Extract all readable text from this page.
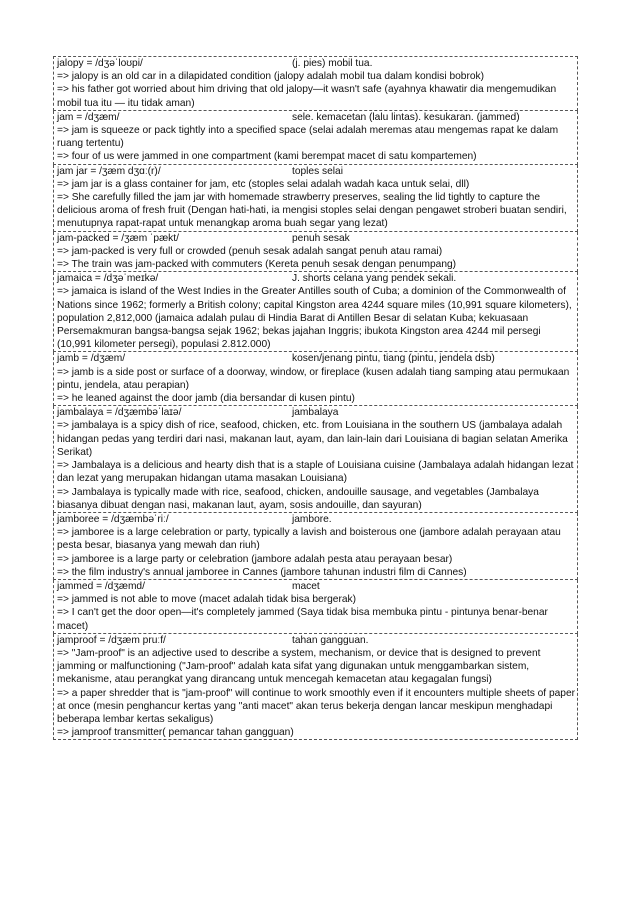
jalopy = /dʒəˈloʊpi/	(j. pies) mobil tua.
=> jalopy is an old car in a dilapidated condition (jalopy adalah mobil tua dalam kondisi bobrok)
=> his father got worried about him driving that old jalopy—it wasn't safe (ayahnya khawatir dia mengemudikan mobil tua itu — itu tidak aman)
jam = /dʒæm/	sele. kemacetan (lalu lintas). kesukaran. (jammed)
=> jam is squeeze or pack tightly into a specified space (selai adalah meremas atau mengemas rapat ke dalam ruang tertentu)
=> four of us were jammed in one compartment (kami berempat macet di satu kompartemen)
jam jar = /ʒæm dʒɑː(r)/	toples selai
=> jam jar is a glass container for jam, etc (stoples selai adalah wadah kaca untuk selai, dll)
=> She carefully filled the jam jar with homemade strawberry preserves, sealing the lid tightly to capture the delicious aroma of fresh fruit (Dengan hati-hati, ia mengisi stoples selai dengan pengawet stroberi buatan sendiri, menutupnya rapat-rapat untuk menangkap aroma buah segar yang lezat)
jam-packed = /ʒæm ˈpækt/	penuh sesak
=> jam-packed is very full or crowded (penuh sesak adalah sangat penuh atau ramai)
=> The train was jam-packed with commuters (Kereta penuh sesak dengan penumpang)
jamaica = /dʒəˈmeɪkə/	J. shorts celana yang pendek sekali.
=> jamaica is island of the West Indies in the Greater Antilles south of Cuba; a dominion of the Commonwealth of Nations since 1962; formerly a British colony; capital Kingston area 4244 square miles (10,991 square kilometers), population 2,812,000 (jamaica adalah pulau di Hindia Barat di Antillen Besar di selatan Kuba; kekuasaan Persemakmuran bangsa-bangsa sejak 1962; bekas jajahan Inggris; ibukota Kingston area 4244 mil persegi (10,991 kilometer persegi), populasi 2.812.000)
jamb = /dʒæm/	kosen/jenang pintu, tiang (pintu, jendela dsb)
=> jamb is a side post or surface of a doorway, window, or fireplace (kusen adalah tiang samping atau permukaan pintu, jendela, atau perapian)
=> he leaned against the door jamb (dia bersandar di kusen pintu)
jambalaya = /dʒæmbəˈlaɪə/	jambalaya
=> jambalaya is a spicy dish of rice, seafood, chicken, etc. from Louisiana in the southern US (jambalaya adalah hidangan pedas yang terdiri dari nasi, makanan laut, ayam, dan lain-lain dari Louisiana di bagian selatan Amerika Serikat)
=> Jambalaya is a delicious and hearty dish that is a staple of Louisiana cuisine (Jambalaya adalah hidangan lezat dan lezat yang merupakan hidangan utama masakan Louisiana)
=> Jambalaya is typically made with rice, seafood, chicken, andouille sausage, and vegetables (Jambalaya biasanya dibuat dengan nasi, makanan laut, ayam, sosis andouille, dan sayuran)
jamboree = /dʒæmbəˈriː/	jambore.
=> jamboree is a large celebration or party, typically a lavish and boisterous one (jambore adalah perayaan atau pesta besar, biasanya yang mewah dan riuh)
=> jamboree is a large party or celebration (jambore adalah pesta atau perayaan besar)
=> the film industry's annual jamboree in Cannes (jambore tahunan industri film di Cannes)
jammed = /dʒæmd/	macet
=> jammed is not able to move (macet adalah tidak bisa bergerak)
=> I can't get the door open—it's completely jammed (Saya tidak bisa membuka pintu - pintunya benar-benar macet)
jamproof = /dʒæm pruːf/	tahan gangguan.
=> "Jam-proof" is an adjective used to describe a system, mechanism, or device that is designed to prevent jamming or malfunctioning ("Jam-proof" adalah kata sifat yang digunakan untuk menggambarkan sistem, mekanisme, atau perangkat yang dirancang untuk mencegah kemacetan atau kegagalan fungsi)
=> a paper shredder that is "jam-proof" will continue to work smoothly even if it encounters multiple sheets of paper at once (mesin penghancur kertas yang "anti macet" akan terus bekerja dengan lancar meskipun menghadapi beberapa lembar kertas sekaligus)
=> jamproof transmitter( pemancar tahan gangguan)
